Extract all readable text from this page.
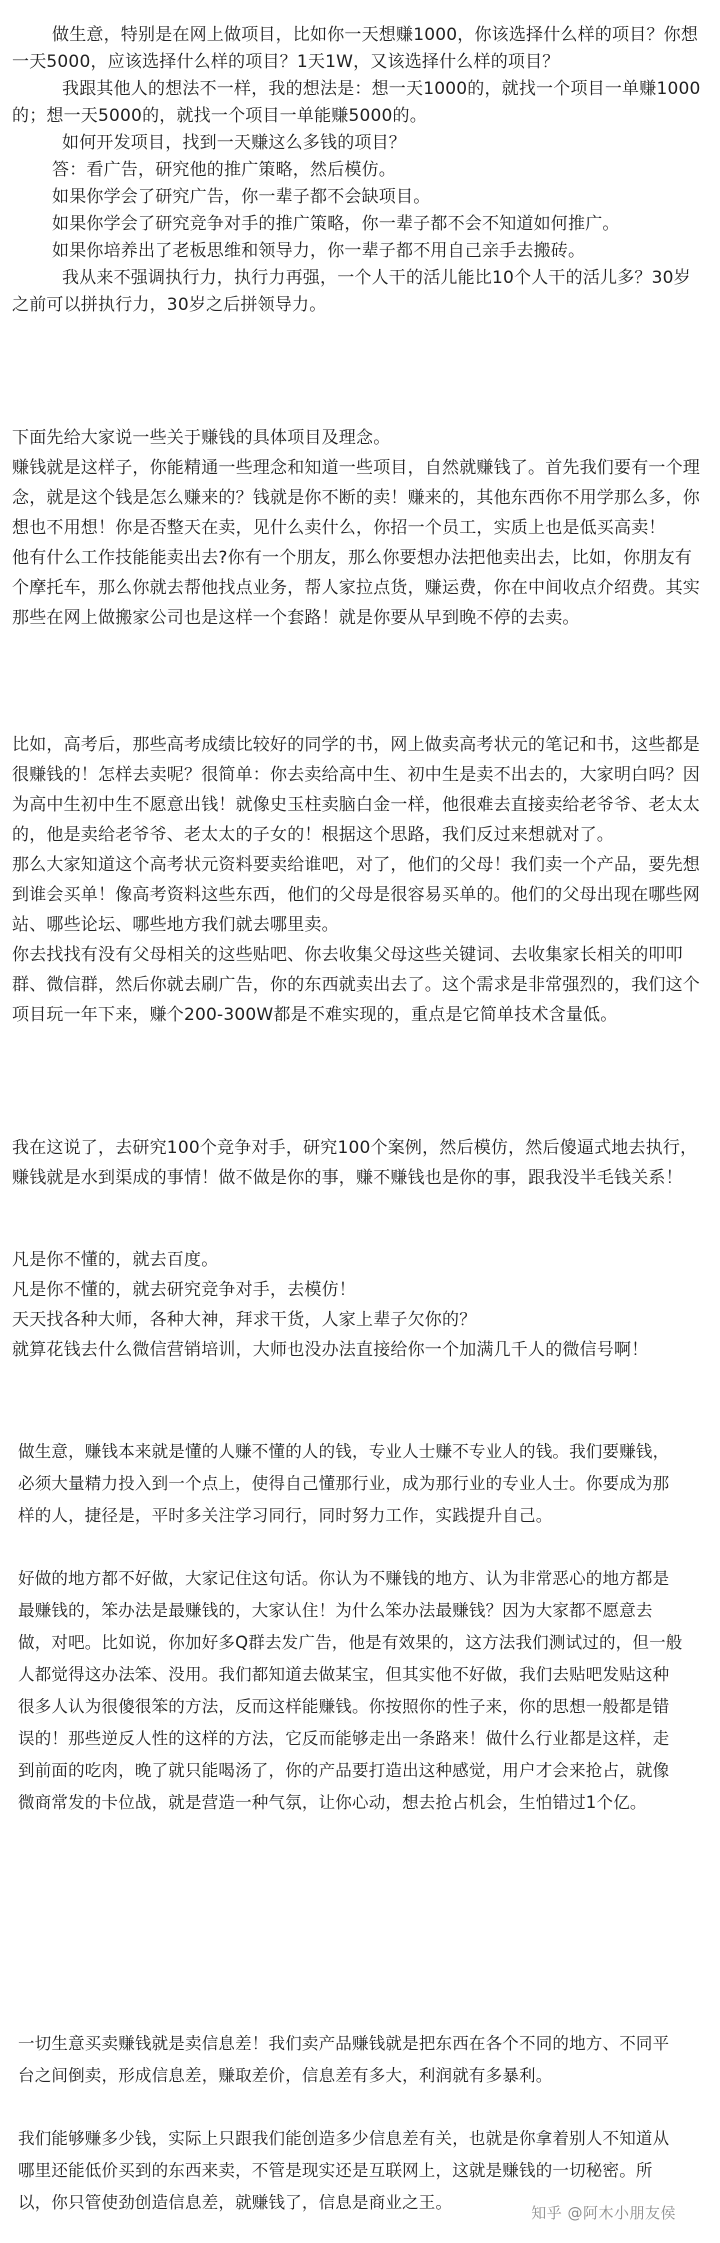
做生意，特别是在网上做项目，比如你一天想赚1000，你该选择什么样的项目？你想一天5000，应该选择什么样的项目？1天1W，又该选择什么样的项目？

我跟其他人的想法不一样，我的想法是：想一天1000的，就找一个项目一单赚1000的；想一天5000的，就找一个项目一单能赚5000的。

如何开发项目，找到一天赚这么多钱的项目？

答：看广告，研究他的推广策略，然后模仿。

如果你学会了研究广告，你一辈子都不会缺项目。

如果你学会了研究竞争对手的推广策略，你一辈子都不会不知道如何推广。

如果你培养出了老板思维和领导力，你一辈子都不用自己亲手去搬砖。

我从来不强调执行力，执行力再强，一个人干的活儿能比10个人干的活儿多？30岁之前可以拼执行力，30岁之后拼领导力。

下面先给大家说一些关于赚钱的具体项目及理念。

赚钱就是这样子，你能精通一些理念和知道一些项目，自然就赚钱了。首先我们要有一个理念，就是这个钱是怎么赚来的？钱就是你不断的卖！赚来的，其他东西你不用学那么多，你想也不用想！你是否整天在卖，见什么卖什么，你招一个员工，实质上也是低买高卖！

他有什么工作技能能卖出去?你有一个朋友，那么你要想办法把他卖出去，比如，你朋友有个摩托车，那么你就去帮他找点业务，帮人家拉点货，赚运费，你在中间收点介绍费。其实那些在网上做搬家公司也是这样一个套路！就是你要从早到晚不停的去卖。

比如，高考后，那些高考成绩比较好的同学的书，网上做卖高考状元的笔记和书，这些都是很赚钱的！怎样去卖呢？很简单：你去卖给高中生、初中生是卖不出去的，大家明白吗？因为高中生初中生不愿意出钱！就像史玉柱卖脑白金一样，他很难去直接卖给老爷爷、老太太的，他是卖给老爷爷、老太太的子女的！根据这个思路，我们反过来想就对了。

那么大家知道这个高考状元资料要卖给谁吧，对了，他们的父母！我们卖一个产品，要先想到谁会买单！像高考资料这些东西，他们的父母是很容易买单的。他们的父母出现在哪些网站、哪些论坛、哪些地方我们就去哪里卖。

你去找找有没有父母相关的这些贴吧、你去收集父母这些关键词、去收集家长相关的叩叩群、微信群，然后你就去刷广告，你的东西就卖出去了。这个需求是非常强烈的，我们这个项目玩一年下来，赚个200-300W都是不难实现的，重点是它简单技术含量低。

我在这说了，去研究100个竞争对手，研究100个案例，然后模仿，然后傻逼式地去执行，赚钱就是水到渠成的事情！做不做是你的事，赚不赚钱也是你的事，跟我没半毛钱关系！

凡是你不懂的，就去百度。

凡是你不懂的，就去研究竞争对手，去模仿！

天天找各种大师，各种大神，拜求干货，人家上辈子欠你的？

就算花钱去什么微信营销培训，大师也没办法直接给你一个加满几千人的微信号啊！

做生意，赚钱本来就是懂的人赚不懂的人的钱，专业人士赚不专业人的钱。我们要赚钱，必须大量精力投入到一个点上，使得自己懂那行业，成为那行业的专业人士。你要成为那样的人，捷径是，平时多关注学习同行，同时努力工作，实践提升自己。

好做的地方都不好做，大家记住这句话。你认为不赚钱的地方、认为非常恶心的地方都是最赚钱的，笨办法是最赚钱的，大家认住！为什么笨办法最赚钱？因为大家都不愿意去做，对吧。比如说，你加好多Q群去发广告，他是有效果的，这方法我们测试过的，但一般人都觉得这办法笨、没用。我们都知道去做某宝，但其实他不好做，我们去贴吧发贴这种很多人认为很傻很笨的方法，反而这样能赚钱。你按照你的性子来，你的思想一般都是错误的！那些逆反人性的这样的方法，它反而能够走出一条路来！做什么行业都是这样，走到前面的吃肉，晚了就只能喝汤了，你的产品要打造出这种感觉，用户才会来抢占，就像微商常发的卡位战，就是营造一种气氛，让你心动，想去抢占机会，生怕错过1个亿。

一切生意买卖赚钱就是卖信息差！我们卖产品赚钱就是把东西在各个不同的地方、不同平台之间倒卖，形成信息差，赚取差价，信息差有多大，利润就有多暴利。

我们能够赚多少钱，实际上只跟我们能创造多少信息差有关，也就是你拿着别人不知道从哪里还能低价买到的东西来卖，不管是现实还是互联网上，这就是赚钱的一切秘密。所以，你只管使劲创造信息差，就赚钱了，信息是商业之王。

知乎 @阿木小朋友侯
